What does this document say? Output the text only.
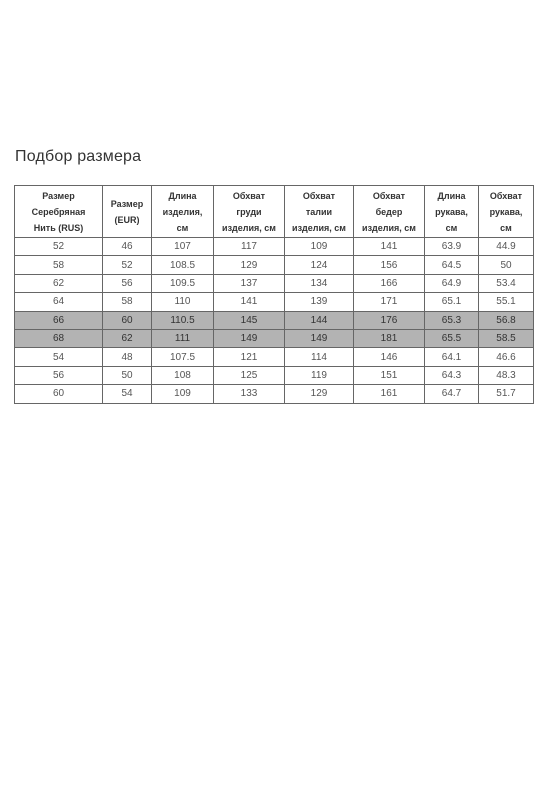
Подбор размера
Размер
Серебряная
Нить (RUS)	Размер
(EUR)	Длина
изделия,
см	Обхват
груди
изделия, см	Обхват
талии
изделия, см	Обхват
бедер
изделия, см	Длина
рукава,
см	Обхват
рукава,
см

52	46	107	117	109	141	63.9	44.9
58	52	108.5	129	124	156	64.5	50
62	56	109.5	137	134	166	64.9	53.4
64	58	110	141	139	171	65.1	55.1
66	60	110.5	145	144	176	65.3	56.8
68	62	111	149	149	181	65.5	58.5
54	48	107.5	121	114	146	64.1	46.6
56	50	108	125	119	151	64.3	48.3
60	54	109	133	129	161	64.7	51.7
